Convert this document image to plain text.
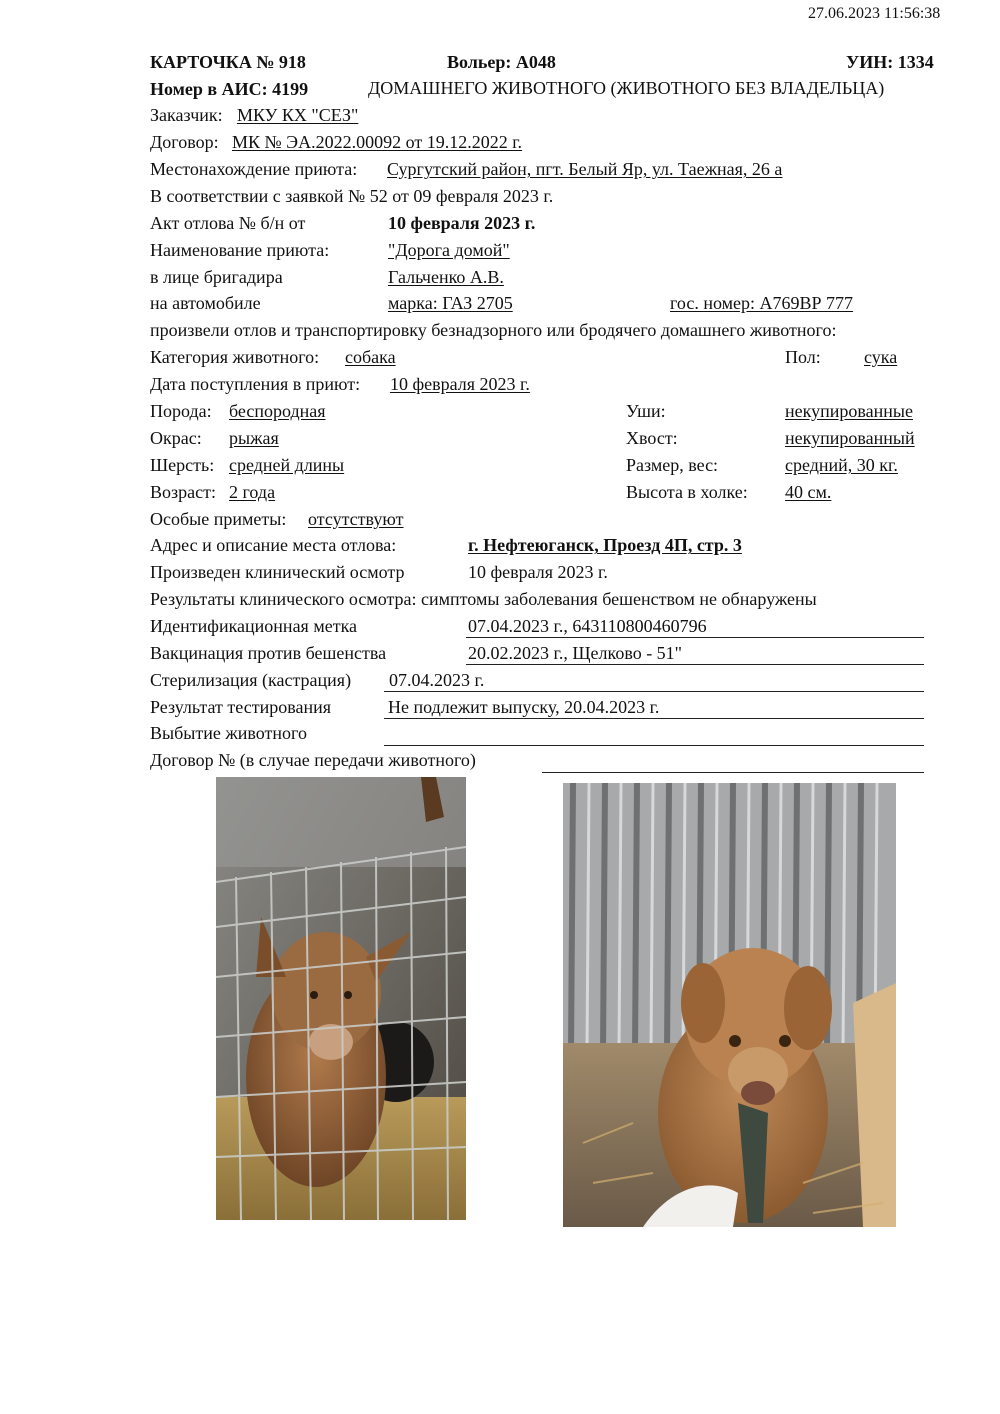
27.06.2023 11:56:38
КАРТОЧКА № 918	Вольер: А048	УИН: 1334
Номер в АИС: 4199	ДОМАШНЕГО ЖИВОТНОГО (ЖИВОТНОГО БЕЗ ВЛАДЕЛЬЦА)
Заказчик: МКУ КХ "СЕЗ"
Договор: МК № ЭА.2022.00092 от 19.12.2022 г.
Местонахождение приюта: Сургутский район, пгт. Белый Яр, ул. Таежная, 26 а
В соответствии с заявкой № 52 от 09 февраля 2023 г.
Акт отлова № б/н от	10 февраля 2023 г.
Наименование приюта:	"Дорога домой"
в лице бригадира	Гальченко А.В.
на автомобиле	марка: ГАЗ 2705	гос. номер: А769ВР 777
произвели отлов и транспортировку безнадзорного или бродячего домашнего животного:
Категория животного: собака	Пол: сука
Дата поступления в приют: 10 февраля 2023 г.
Порода: беспородная	Уши:	некупированные
Окрас: рыжая	Хвост:	некупированный
Шерсть: средней длины	Размер, вес:	средний, 30 кг.
Возраст: 2 года	Высота в холке: 40 см.
Особые приметы: отсутствуют
Адрес и описание места отлова:	г. Нефтеюганск, Проезд 4П, стр. 3
Произведен клинический осмотр	10 февраля 2023 г.
Результаты клинического осмотра: симптомы заболевания бешенством не обнаружены
Идентификационная метка	07.04.2023 г., 643110800460796
Вакцинация против бешенства	20.02.2023 г., Щелково - 51"
Стерилизация (кастрация) 07.04.2023 г.
Результат тестирования	Не подлежит выпуску, 20.04.2023 г.
Выбытие животного
Договор № (в случае передачи животного)
